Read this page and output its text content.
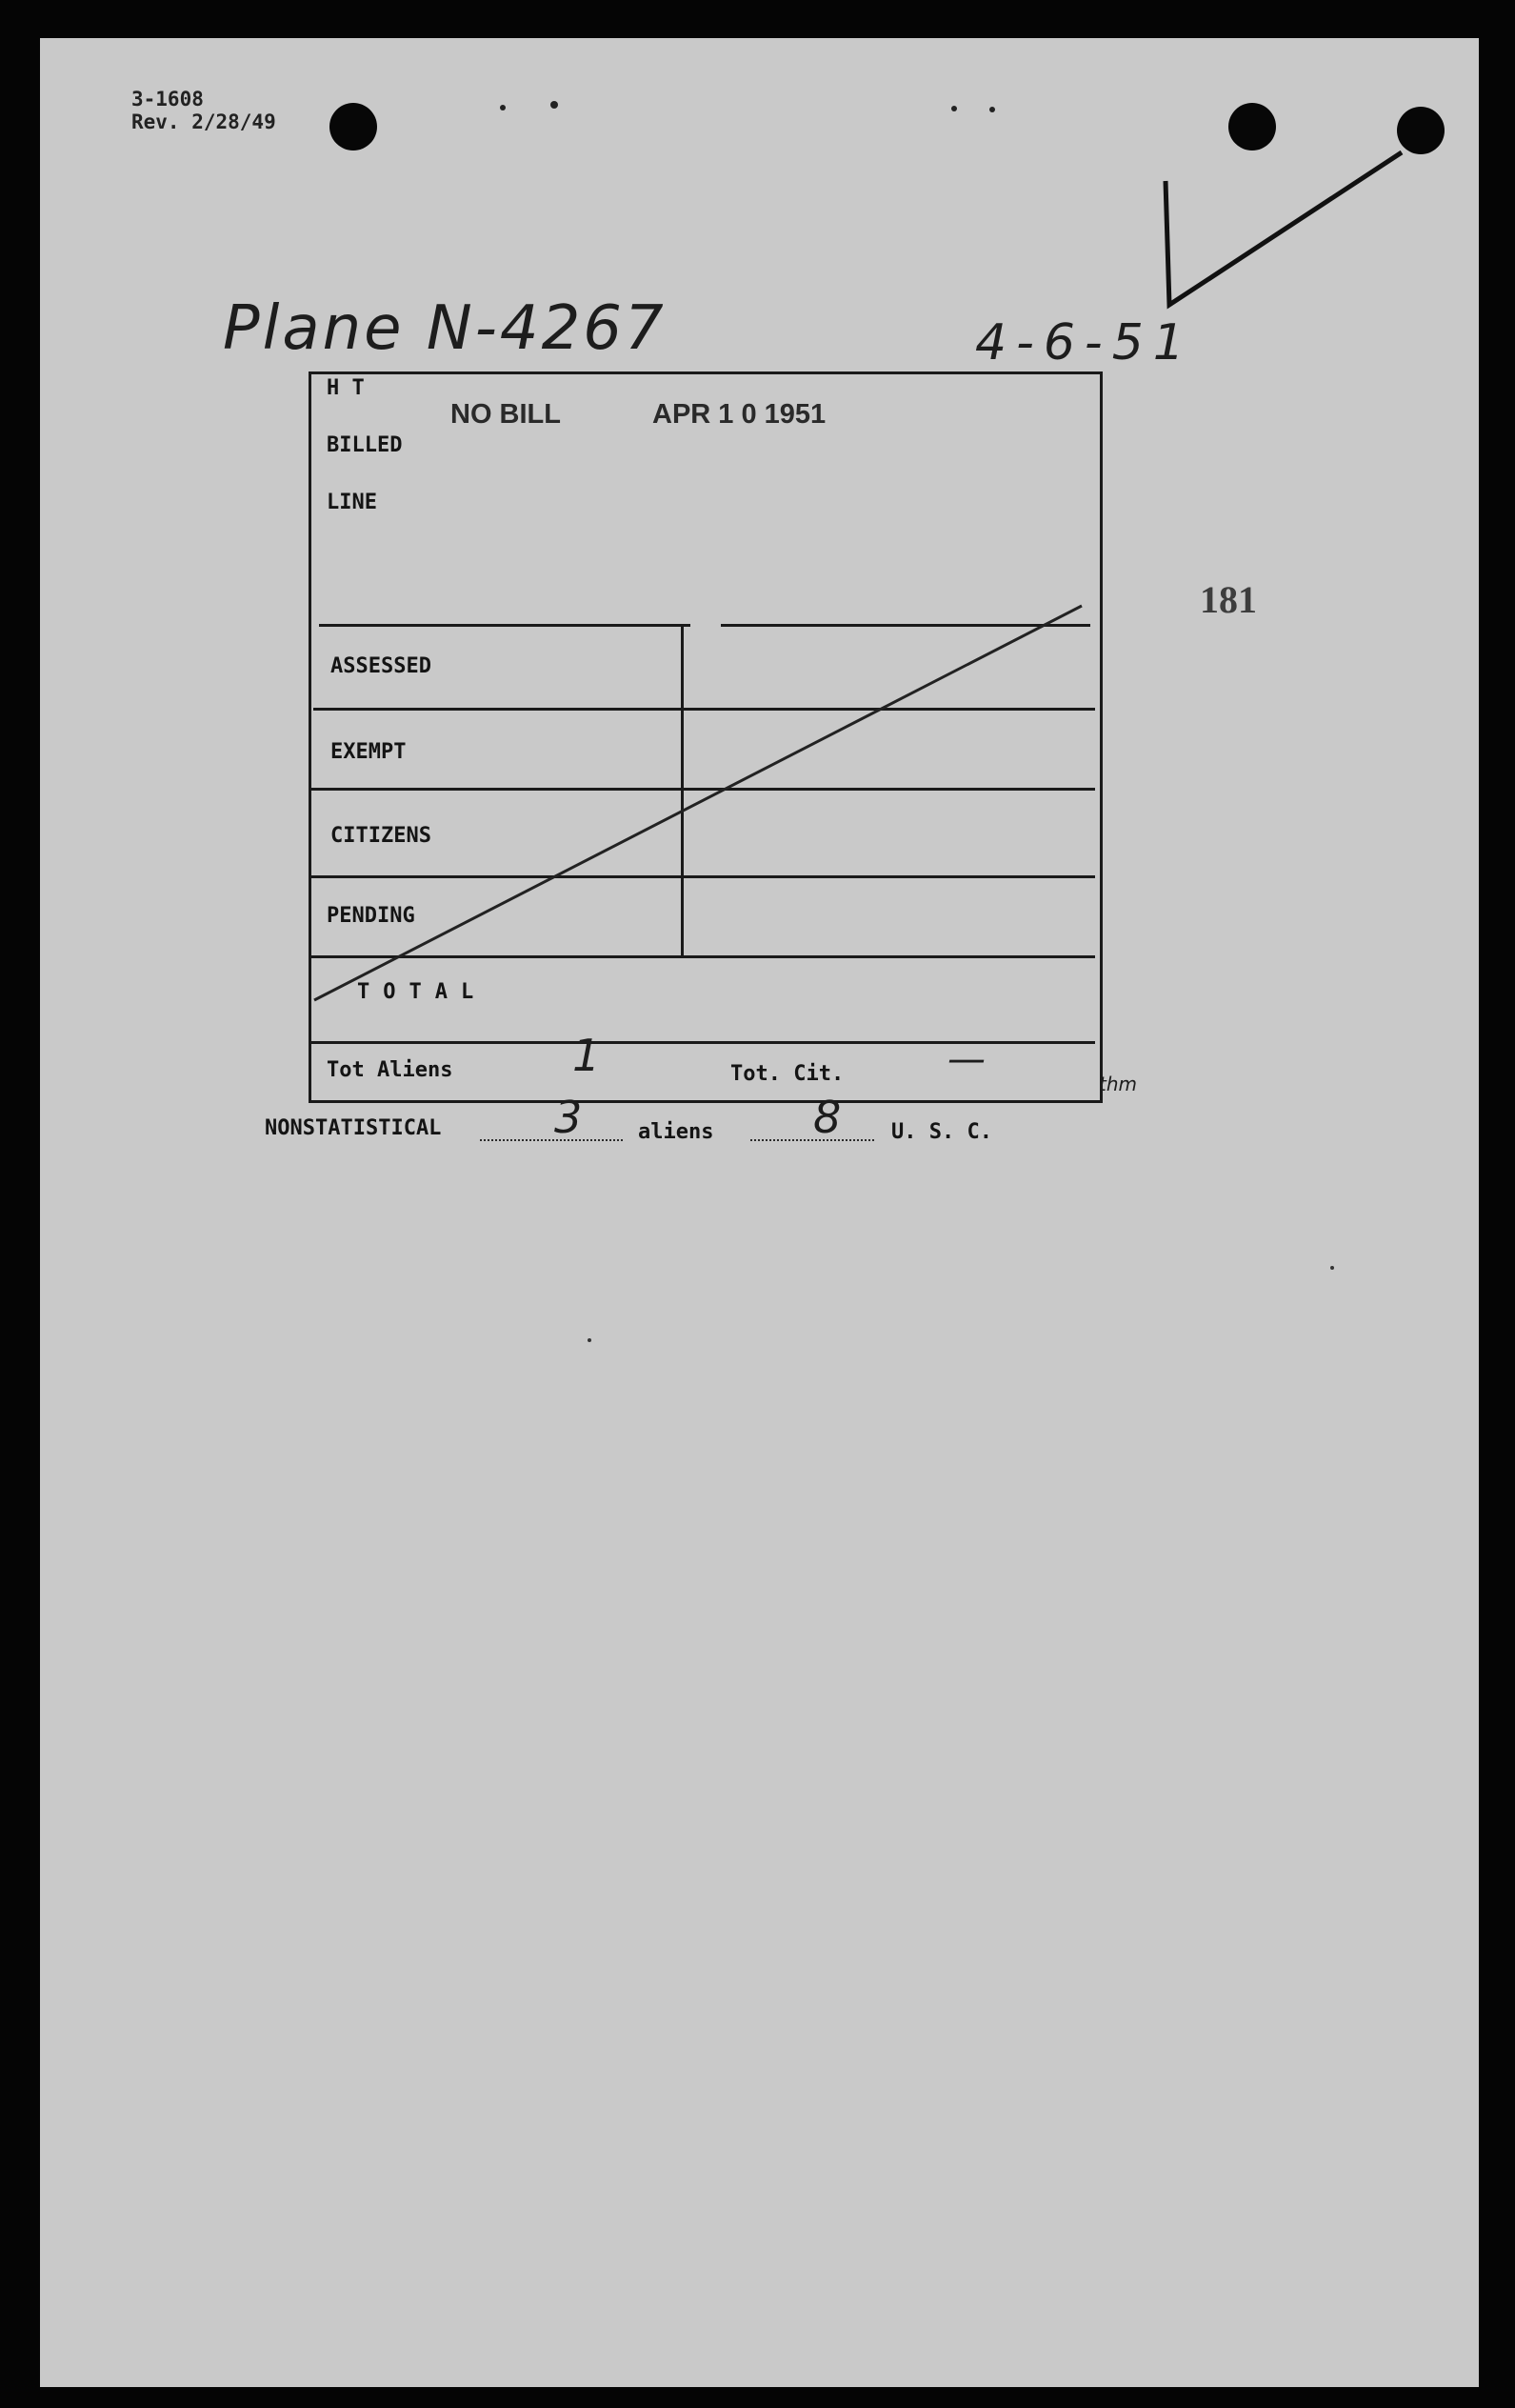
3-1608
Rev. 2/28/49
Plane N-4267	4-6-51
181
H T
BILLED
LINE
NO BILL	APR 1 0 1951
ASSESSED
EXEMPT
CITIZENS
PENDING
TOTAL
Tot Aliens	1	Tot. Cit.	—
thm
NONSTATISTICAL	3	aliens 8 U. S. C.
